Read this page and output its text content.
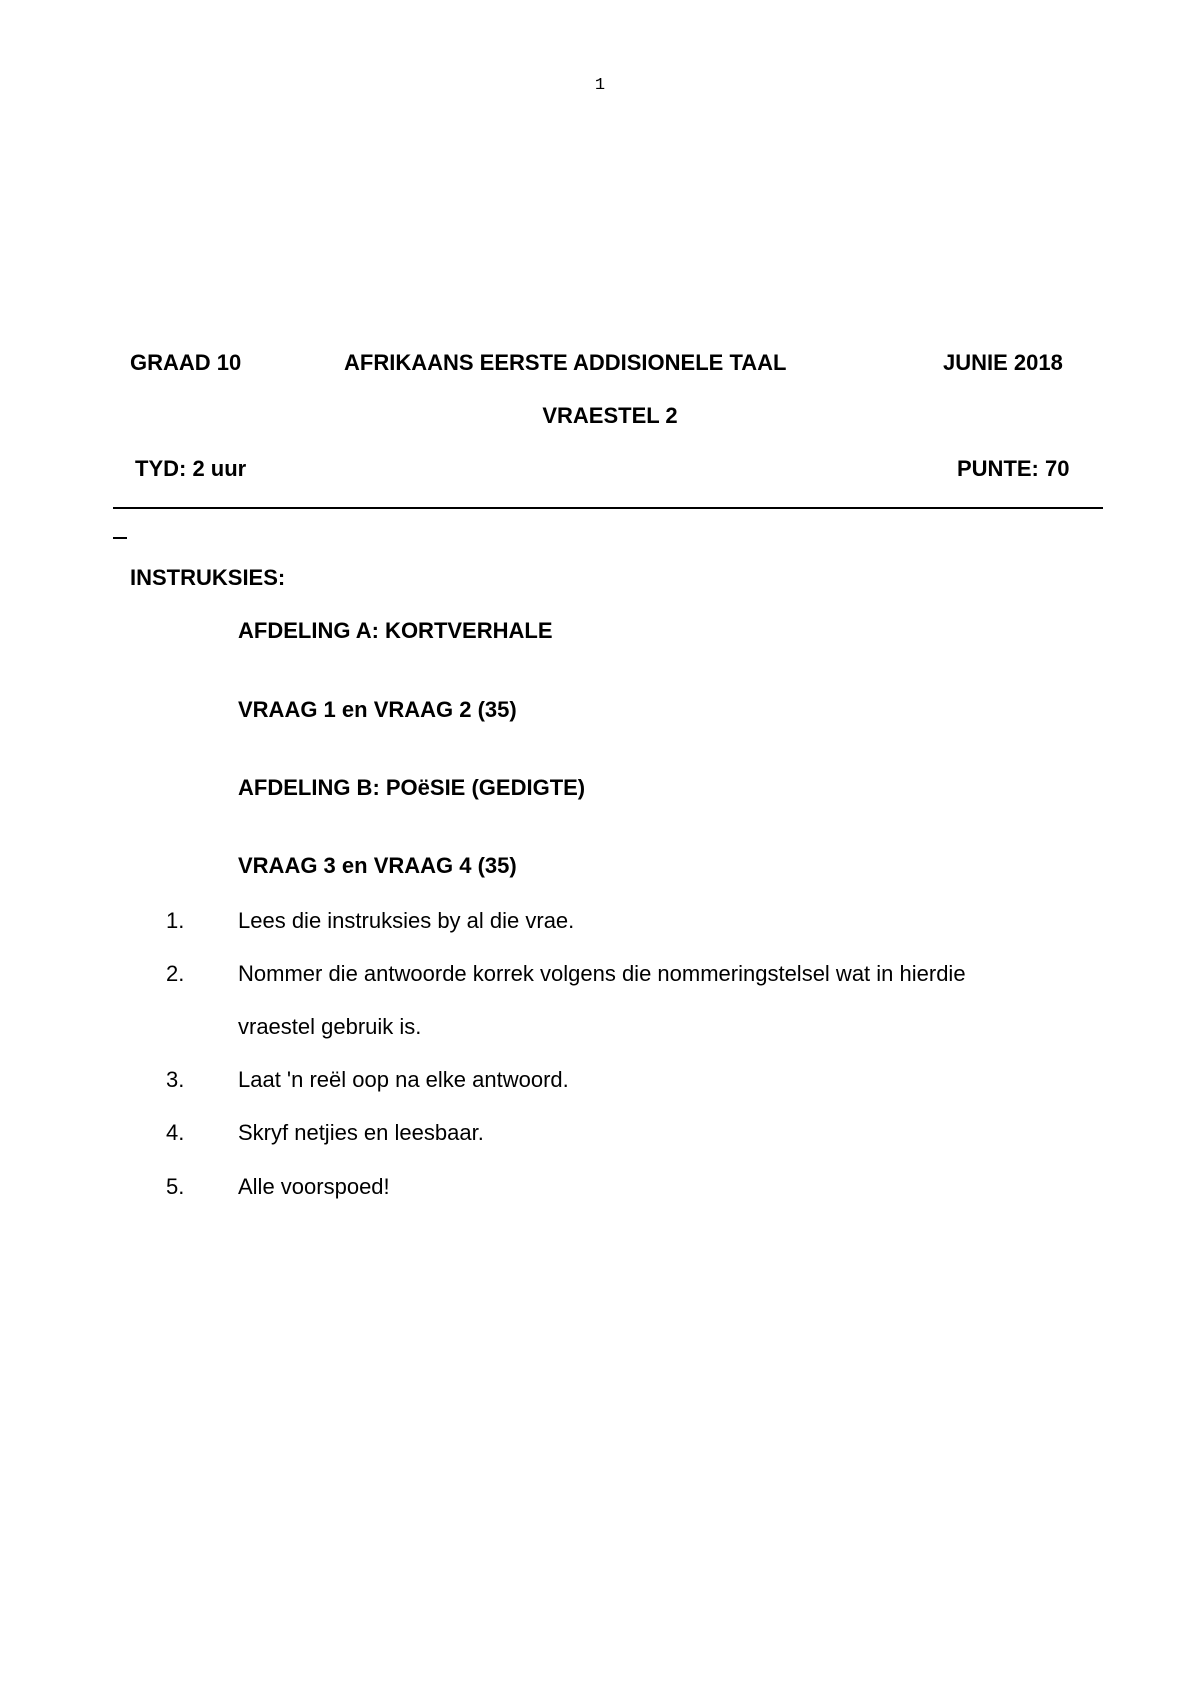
1
GRAAD 10	AFRIKAANS EERSTE ADDISIONELE TAAL	JUNIE 2018
VRAESTEL 2
TYD: 2 uur	PUNTE: 70
INSTRUKSIES:
AFDELING A: KORTVERHALE
VRAAG 1 en VRAAG 2 (35)
AFDELING B: POëSIE (GEDIGTE)
VRAAG 3 en VRAAG 4 (35)
1. Lees die instruksies by al die vrae.
2. Nommer die antwoorde korrek volgens die nommeringstelsel wat in hierdie
vraestel gebruik is.
3. Laat 'n reël oop na elke antwoord.
4. Skryf netjies en leesbaar.
5. Alle voorspoed!
